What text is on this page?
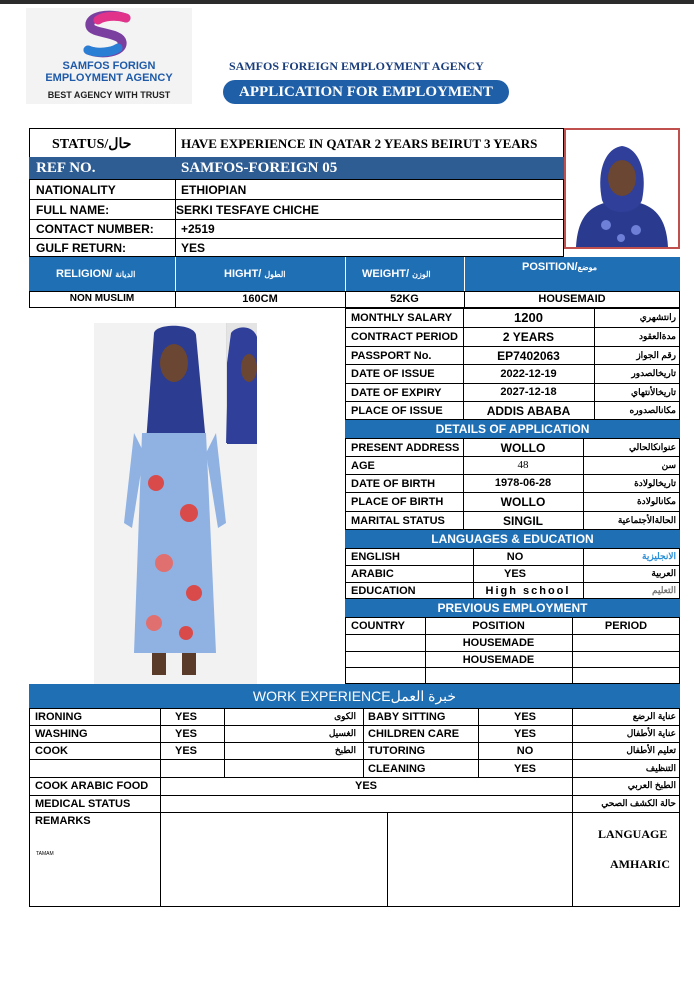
SAMFOS FORIGN
EMPLOYMENT AGENCY
BEST AGENCY WITH TRUST
SAMFOS FOREIGN EMPLOYMENT AGENCY
APPLICATION FOR EMPLOYMENT
STATUS/حال	HAVE EXPERIENCE IN QATAR 2 YEARS BEIRUT 3 YEARS
REF NO.	SAMFOS-FOREIGN 05
NATIONALITY	ETHIOPIAN
FULL NAME:	SERKI TESFAYE CHICHE
CONTACT NUMBER: +2519
GULF RETURN:	YES
RELIGION/ الديانة	HIGHT/ الطول	WEIGHT/ الوزن
POSITION/موضع
NON MUSLIM	160CM	52KG	HOUSEMAID
MONTHLY SALARY	1200	رانتشهري
CONTRACT PERIOD	2 YEARS	مدةالعقود
PASSPORT No.	EP7402063	رقم الجواز
DATE OF ISSUE	2022-12-19	تاريخالصدور
DATE OF EXPIRY	2027-12-18	تاريخالأنتهاي
PLACE OF ISSUE	ADDIS ABABA	مكانالصدوره
DETAILS OF APPLICATION
PRESENT ADDRESS	WOLLO	عنوانكالحالي
AGE	48	سن
DATE OF BIRTH	1978-06-28	تاريخالولادة
PLACE OF BIRTH	WOLLO	مكانالولادة
MARITAL STATUS	SINGIL	الحالةالأجتماعية
LANGUAGES & EDUCATION
ENGLISH	NO	الانجليزية
ARABIC	YES	العربية
EDUCATION	High school	التعليم
PREVIOUS EMPLOYMENT
COUNTRY	POSITION	PERIOD
HOUSEMADE
HOUSEMADE
WORK EXPERIENCEخبرة العمل
IRONING	YES	الكوى
WASHING	YES	الغسيل
COOK	YES	الطبخ
BABY SITTING	YES	عناية الرضع
CHILDREN CARE	YES	عناية الأطفال
TUTORING	NO	تعليم الأطفال
CLEANING	YES	التنظيف
COOK ARABIC FOOD	YES	الطبخ العربي
MEDICAL STATUS	حالة الكشف الصحي
REMARKS
TAMAM
LANGUAGE
AMHARIC
